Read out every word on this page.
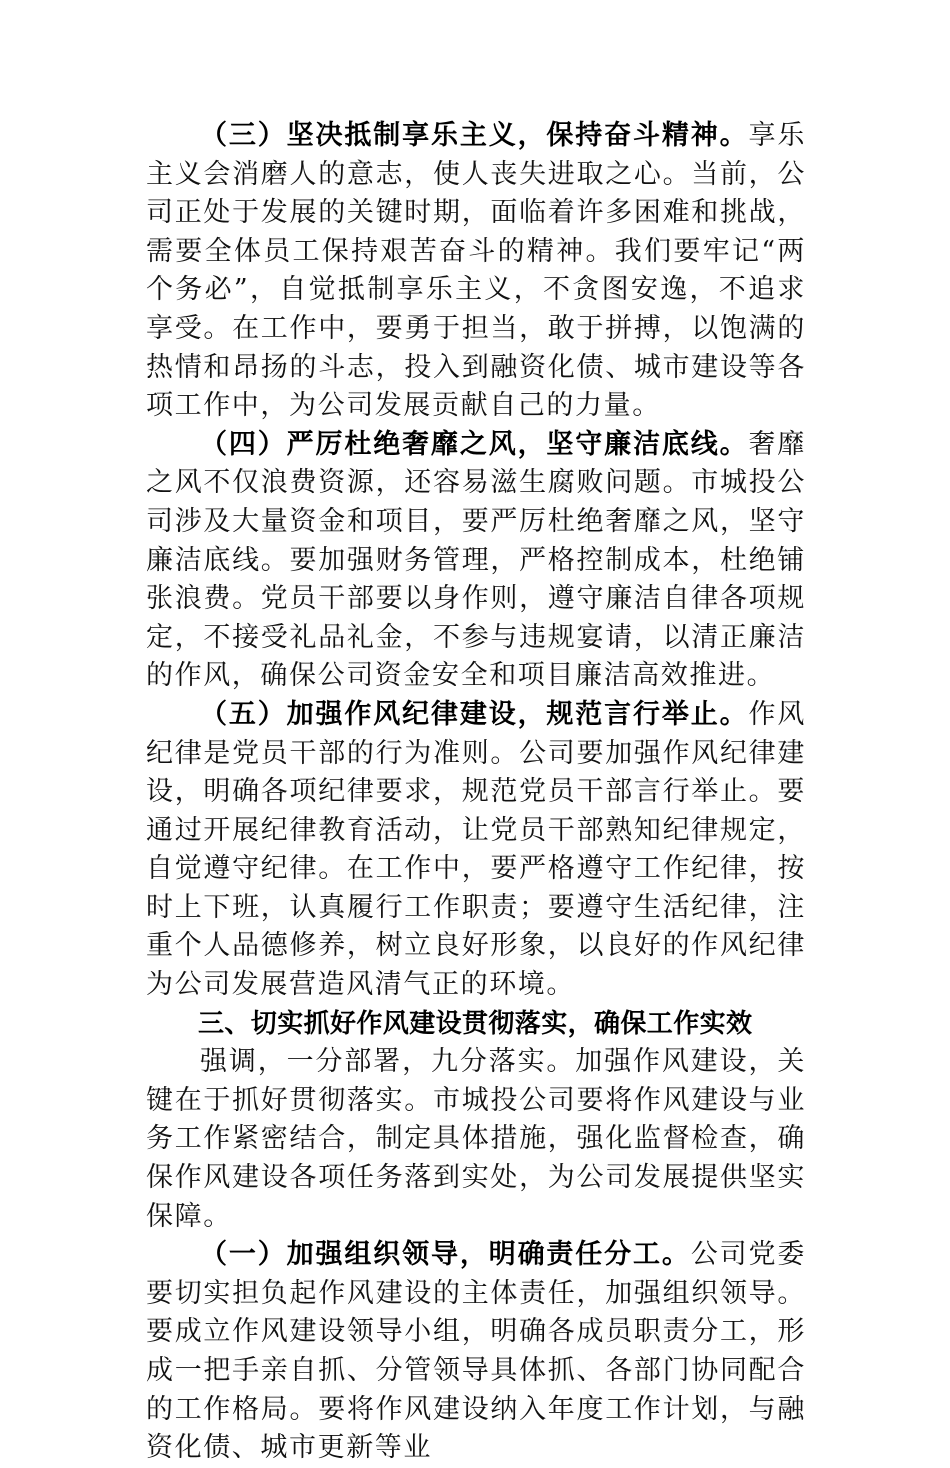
（三）坚决抵制享乐主义，保持奋斗精神。享乐主义会消磨人的意志，使人丧失进取之心。当前，公司正处于发展的关键时期，面临着许多困难和挑战，需要全体员工保持艰苦奋斗的精神。我们要牢记“两个务必”，自觉抵制享乐主义，不贪图安逸，不追求享受。在工作中，要勇于担当，敢于拼搏，以饱满的热情和昂扬的斗志，投入到融资化债、城市建设等各项工作中，为公司发展贡献自己的力量。

（四）严厉杜绝奢靡之风，坚守廉洁底线。奢靡之风不仅浪费资源，还容易滋生腐败问题。市城投公司涉及大量资金和项目，要严厉杜绝奢靡之风，坚守廉洁底线。要加强财务管理，严格控制成本，杜绝铺张浪费。党员干部要以身作则，遵守廉洁自律各项规定，不接受礼品礼金，不参与违规宴请，以清正廉洁的作风，确保公司资金安全和项目廉洁高效推进。

（五）加强作风纪律建设，规范言行举止。作风纪律是党员干部的行为准则。公司要加强作风纪律建设，明确各项纪律要求，规范党员干部言行举止。要通过开展纪律教育活动，让党员干部熟知纪律规定，自觉遵守纪律。在工作中，要严格遵守工作纪律，按时上下班，认真履行工作职责；要遵守生活纪律，注重个人品德修养，树立良好形象，以良好的作风纪律为公司发展营造风清气正的环境。

三、切实抓好作风建设贯彻落实，确保工作实效

强调，一分部署，九分落实。加强作风建设，关键在于抓好贯彻落实。市城投公司要将作风建设与业务工作紧密结合，制定具体措施，强化监督检查，确保作风建设各项任务落到实处，为公司发展提供坚实保障。

（一）加强组织领导，明确责任分工。公司党委要切实担负起作风建设的主体责任，加强组织领导。要成立作风建设领导小组，明确各成员职责分工，形成一把手亲自抓、分管领导具体抓、各部门协同配合的工作格局。要将作风建设纳入年度工作计划，与融资化债、城市更新等业
